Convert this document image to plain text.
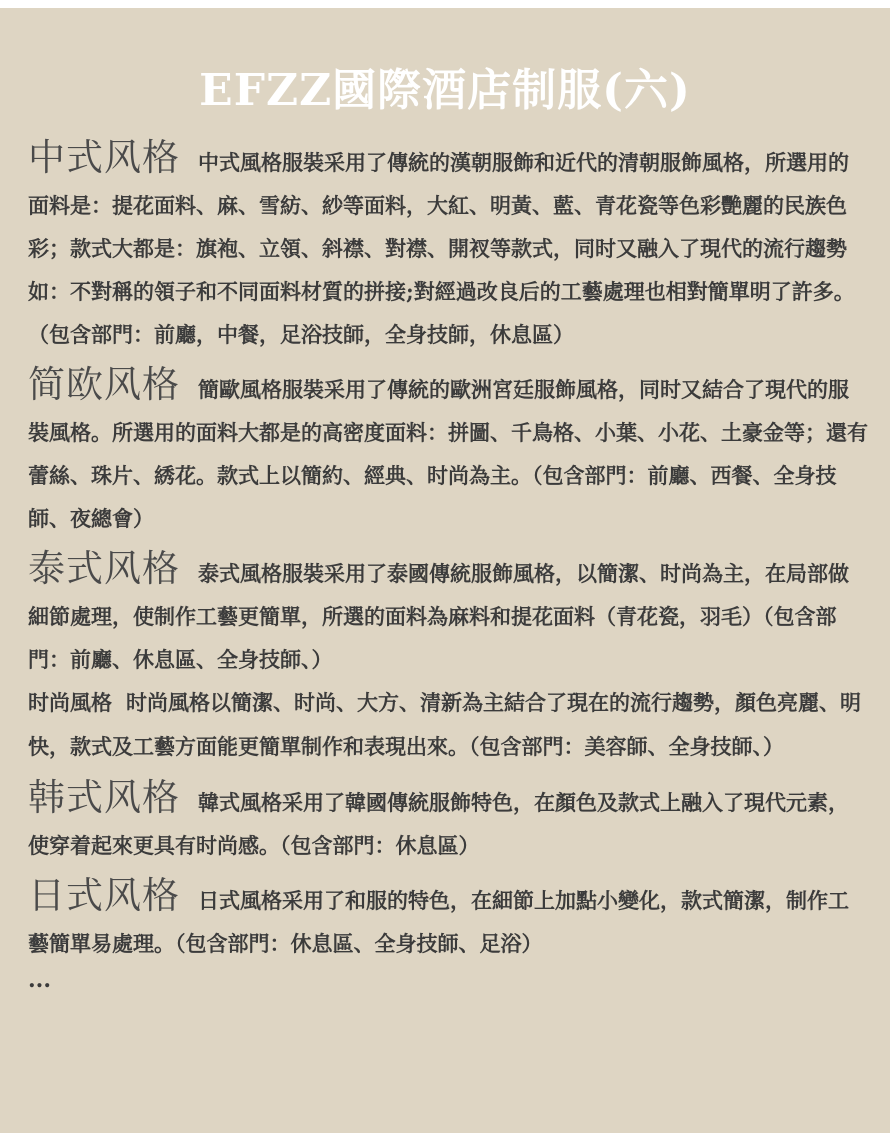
EFZZ國際酒店制服(六)
中式风格 中式風格服裝采用了傳統的漢朝服飾和近代的清朝服飾風格，所選用的面料是：提花面料、麻、雪紡、紗等面料，大紅、明黃、藍、青花瓷等色彩艷麗的民族色彩；款式大都是：旗袍、立領、斜襟、對襟、開衩等款式，同时又融入了現代的流行趨勢如：不對稱的領子和不同面料材質的拼接;對經過改良后的工藝處理也相對簡單明了許多。（包含部門：前廳，中餐，足浴技師，全身技師，休息區）
简欧风格 簡歐風格服裝采用了傳統的歐洲宮廷服飾風格，同时又結合了現代的服裝風格。所選用的面料大都是的高密度面料：拼圖、千鳥格、小葉、小花、土豪金等；還有蕾絲、珠片、綉花。款式上以簡約、經典、时尚為主。（包含部門：前廳、西餐、全身技師、夜總會）
泰式风格 泰式風格服裝采用了泰國傳統服飾風格，以簡潔、时尚為主，在局部做細節處理，使制作工藝更簡單，所選的面料為麻料和提花面料（青花瓷，羽毛）（包含部門：前廳、休息區、全身技師、）
时尚風格 时尚風格以簡潔、时尚、大方、清新為主結合了現在的流行趨勢，顏色亮麗、明快，款式及工藝方面能更簡單制作和表現出來。（包含部門：美容師、全身技師、）
韩式风格 韓式風格采用了韓國傳統服飾特色，在顏色及款式上融入了現代元素，使穿着起來更具有时尚感。（包含部門：休息區）
日式风格 日式風格采用了和服的特色，在細節上加點小變化，款式簡潔，制作工藝簡單易處理。（包含部門：休息區、全身技師、足浴）
...
